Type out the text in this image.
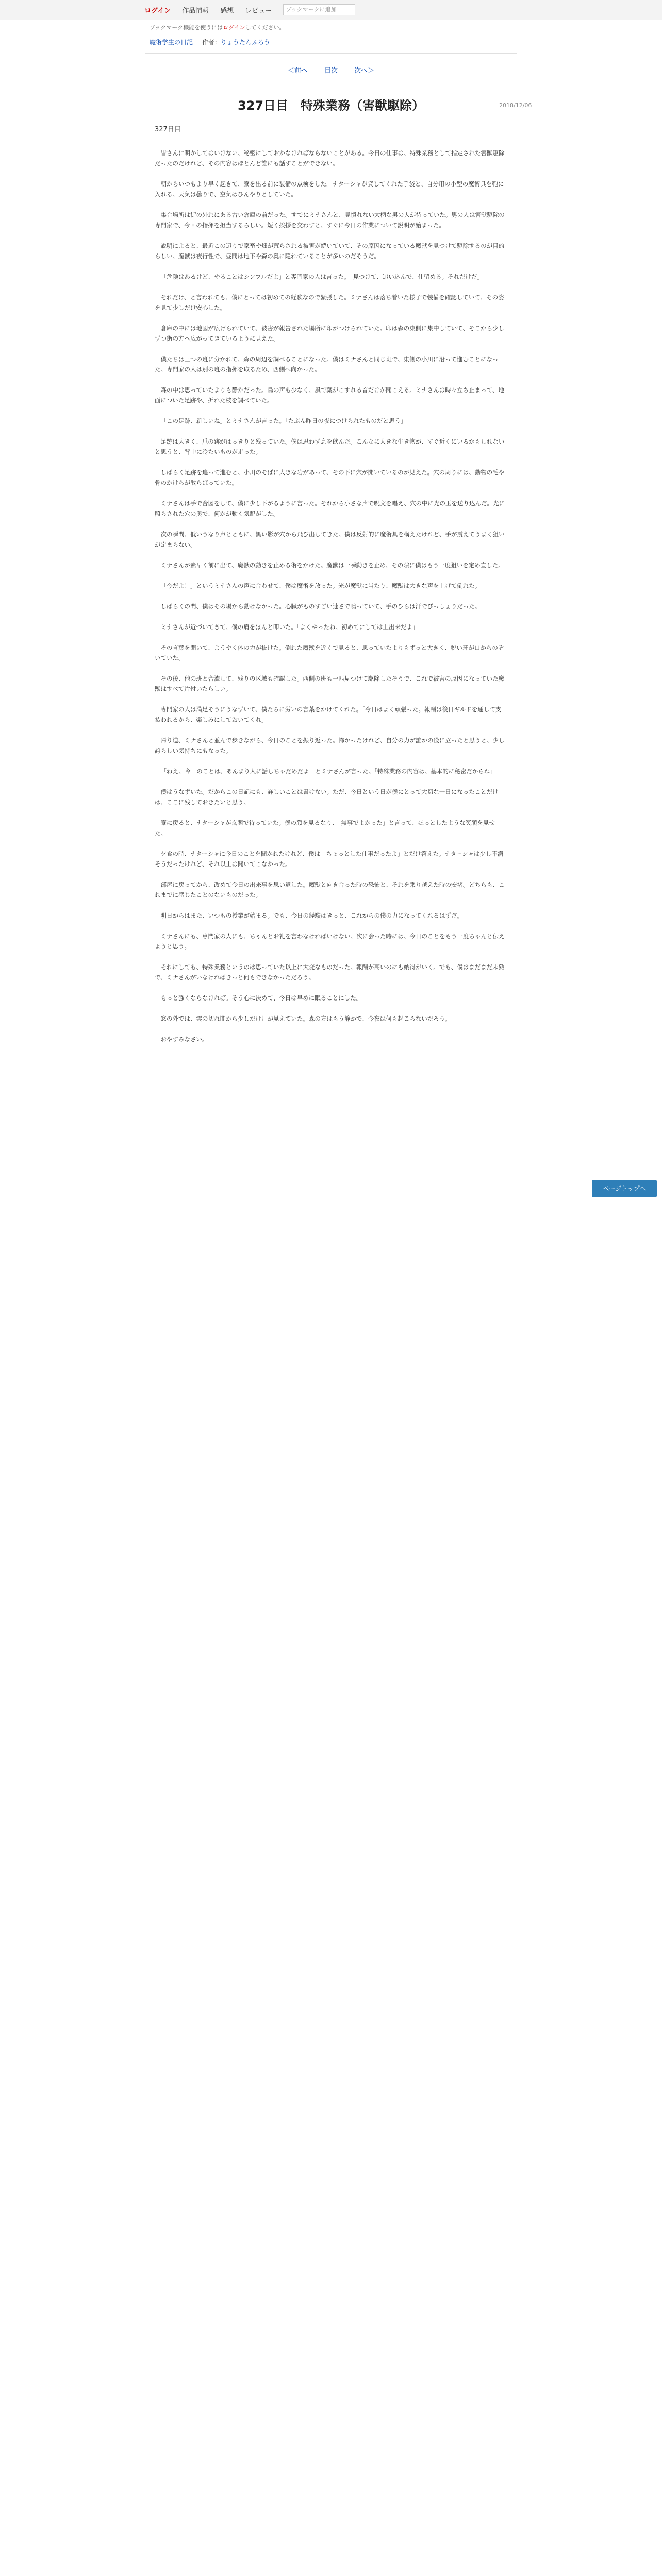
ログイン 作品情報 感想 レビュー	ブックマークに追加
ブックマーク機能を使うにはログインしてください。
魔術学生の日記 作者：りょうたんふろう
＜前へ 目次 次へ＞
2018/12/06
327日目　特殊業務（害獣駆除）
327日目

皆さんに明かしてはいけない、秘密にしておかなければならないことがある。今日の仕事は、特殊業務として指定された害獣駆除だったのだけれど、その内容はほとんど誰にも話すことができない。

朝からいつもより早く起きて、寮を出る前に装備の点検をした。ナターシャが貸してくれた手袋と、自分用の小型の魔術具を鞄に入れる。天気は曇りで、空気はひんやりとしていた。

集合場所は街の外れにある古い倉庫の前だった。すでにミナさんと、見慣れない大柄な男の人が待っていた。男の人は害獣駆除の専門家で、今回の指揮を担当するらしい。短く挨拶を交わすと、すぐに今日の作業について説明が始まった。

説明によると、最近この辺りで家畜や畑が荒らされる被害が続いていて、その原因になっている魔獣を見つけて駆除するのが目的らしい。魔獣は夜行性で、昼間は地下や森の奥に隠れていることが多いのだそうだ。

「危険はあるけど、やることはシンプルだよ」と専門家の人は言った。「見つけて、追い込んで、仕留める。それだけだ」

それだけ、と言われても、僕にとっては初めての経験なので緊張した。ミナさんは落ち着いた様子で装備を確認していて、その姿を見て少しだけ安心した。

倉庫の中には地図が広げられていて、被害が報告された場所に印がつけられていた。印は森の東側に集中していて、そこから少しずつ街の方へ広がってきているように見えた。

僕たちは三つの班に分かれて、森の周辺を調べることになった。僕はミナさんと同じ班で、東側の小川に沿って進むことになった。専門家の人は別の班の指揮を取るため、西側へ向かった。

森の中は思っていたよりも静かだった。鳥の声も少なく、風で葉がこすれる音だけが聞こえる。ミナさんは時々立ち止まって、地面についた足跡や、折れた枝を調べていた。

「この足跡、新しいね」とミナさんが言った。「たぶん昨日の夜につけられたものだと思う」

足跡は大きく、爪の跡がはっきりと残っていた。僕は思わず息を飲んだ。こんなに大きな生き物が、すぐ近くにいるかもしれないと思うと、背中に冷たいものが走った。

しばらく足跡を追って進むと、小川のそばに大きな岩があって、その下に穴が開いているのが見えた。穴の周りには、動物の毛や骨のかけらが散らばっていた。

ミナさんは手で合図をして、僕に少し下がるように言った。それから小さな声で呪文を唱え、穴の中に光の玉を送り込んだ。光に照らされた穴の奥で、何かが動く気配がした。

次の瞬間、低いうなり声とともに、黒い影が穴から飛び出してきた。僕は反射的に魔術具を構えたけれど、手が震えてうまく狙いが定まらない。

ミナさんが素早く前に出て、魔獣の動きを止める術をかけた。魔獣は一瞬動きを止め、その隙に僕はもう一度狙いを定め直した。

「今だよ！」というミナさんの声に合わせて、僕は魔術を放った。光が魔獣に当たり、魔獣は大きな声を上げて倒れた。

しばらくの間、僕はその場から動けなかった。心臓がものすごい速さで鳴っていて、手のひらは汗でびっしょりだった。

ミナさんが近づいてきて、僕の肩をぽんと叩いた。「よくやったね。初めてにしては上出来だよ」

その言葉を聞いて、ようやく体の力が抜けた。倒れた魔獣を近くで見ると、思っていたよりもずっと大きく、鋭い牙が口からのぞいていた。

その後、他の班と合流して、残りの区域も確認した。西側の班も一匹見つけて駆除したそうで、これで被害の原因になっていた魔獣はすべて片付いたらしい。

専門家の人は満足そうにうなずいて、僕たちに労いの言葉をかけてくれた。「今日はよく頑張った。報酬は後日ギルドを通して支払われるから、楽しみにしておいてくれ」

帰り道、ミナさんと並んで歩きながら、今日のことを振り返った。怖かったけれど、自分の力が誰かの役に立ったと思うと、少し誇らしい気持ちにもなった。

「ねえ、今日のことは、あんまり人に話しちゃだめだよ」とミナさんが言った。「特殊業務の内容は、基本的に秘密だからね」

僕はうなずいた。だからこの日記にも、詳しいことは書けない。ただ、今日という日が僕にとって大切な一日になったことだけは、ここに残しておきたいと思う。

寮に戻ると、ナターシャが玄関で待っていた。僕の顔を見るなり、「無事でよかった」と言って、ほっとしたような笑顔を見せた。

夕食の時、ナターシャに今日のことを聞かれたけれど、僕は「ちょっとした仕事だったよ」とだけ答えた。ナターシャは少し不満そうだったけれど、それ以上は聞いてこなかった。

部屋に戻ってから、改めて今日の出来事を思い返した。魔獣と向き合った時の恐怖と、それを乗り越えた時の安堵。どちらも、これまでに感じたことのないものだった。

明日からはまた、いつもの授業が始まる。でも、今日の経験はきっと、これからの僕の力になってくれるはずだ。

ミナさんにも、専門家の人にも、ちゃんとお礼を言わなければいけない。次に会った時には、今日のことをもう一度ちゃんと伝えようと思う。

それにしても、特殊業務というのは思っていた以上に大変なものだった。報酬が高いのにも納得がいく。でも、僕はまだまだ未熟で、ミナさんがいなければきっと何もできなかっただろう。

もっと強くならなければ。そう心に決めて、今日は早めに眠ることにした。

窓の外では、雲の切れ間から少しだけ月が見えていた。森の方はもう静かで、今夜は何も起こらないだろう。

おやすみなさい。

ページトップへ
